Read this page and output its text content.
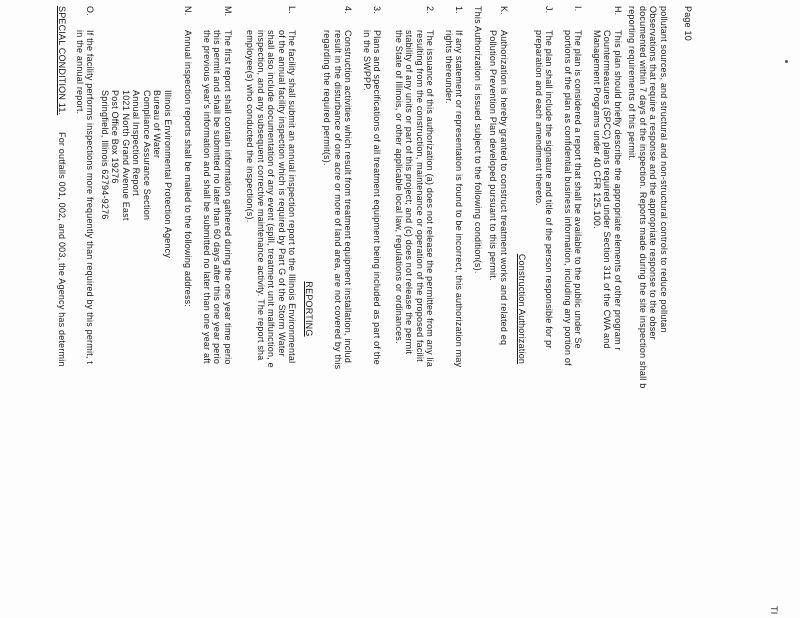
Page 10
TI
pollutant sources, and structural and non-structural controls to reduce pollutan
Observations that require a response and the appropriate response to the obser
documented within 7 days of the inspection. Reports made during the site inspection shall b
reporting requirements of this permit.
H.
This plan should briefly describe the appropriate elements of other program r
Countermeasures (SPCC) plans required under Section 311 of the CWA and
Management Programs under 40 CFR 125.100.
I.
The plan is considered a report that shall be available to the public under Se
portions of the plan as confidential business information, including any portion of
J.
The plan shall include the signature and title of the person responsible for pr
preparation and each amendment thereto.
Construction Authorization
K.
Authorization is hereby granted to construct treatment works and related eq
Pollution Prevention Plan developed pursuant to this permit.
This Authorization is issued subject to the following condition(s).
1.
If any statement or representation is found to be incorrect, this authorization may
rights thereunder.
2.
The issuance of this authorization (a) does not release the permittee from any lia
resulting from the construction, maintenance or operation of the proposed facilit
stability of any units or part of this project; and (c) does not release the permit
the State of Illinois, or other applicable local law, regulations or ordinances.
3.
Plans and specifications of all treatment equipment being included as part of the
in the SWPPP.
4.
Construction activities which result from treatment equipment installation, includ
result in the disturbance of one acre or more of land area, are not covered by this
regarding the required permit(s).
REPORTING
L.
The facility shall submit an annual inspection report to the Illinois Environmental
of the annual facility inspection which is required by Part G of the Storm Water
shall also include documentation of any event (spill, treatment unit malfunction, e
inspection, and any subsequent corrective maintenance activity. The report sha
employee(s) who conducted the inspection(s).
M.
The first report shall contain information gathered during the one year time perio
this permit and shall be submitted no later than 60 days after this one year perio
the previous year's information and shall be submitted no later than one year aft
N.
Annual inspection reports shall be mailed to the following address:
Illinois Environmental Protection Agency
Bureau of Water
Compliance Assurance Section
Annual Inspection Report
1021 North Grand Avenue East
Post Office Box 19276
Springfield, Illinois 62794-9276
O.
If the facility performs inspections more frequently than required by this permit, t
in the annual report.
SPECIAL CONDITION 11.
For outfalls 001, 002, and 003, the Agency has determin
